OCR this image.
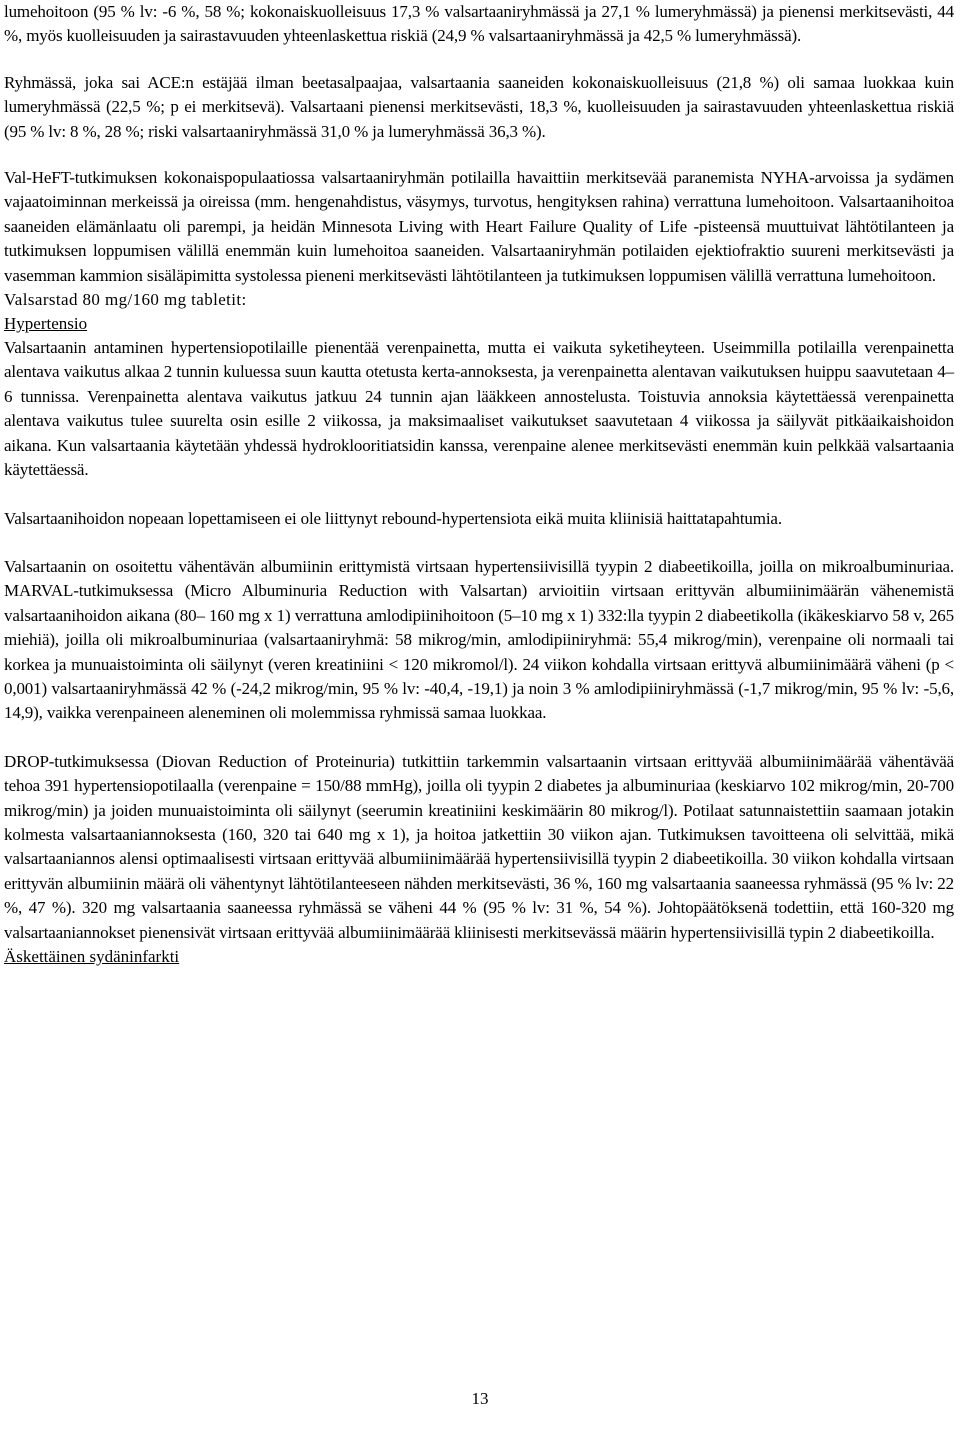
lumehoitoon (95 % lv: -6 %, 58 %; kokonaiskuolleisuus 17,3 % valsartaaniryhmässä ja 27,1 % lumeryhmässä) ja pienensi merkitsevästi, 44 %, myös kuolleisuuden ja sairastavuuden yhteenlaskettua riskiä (24,9 % valsartaaniryhmässä ja 42,5 % lumeryhmässä).

Ryhmässä, joka sai ACE:n estäjää ilman beetasalpaajaa, valsartaania saaneiden kokonaiskuolleisuus (21,8 %) oli samaa luokkaa kuin lumeryhmässä (22,5 %; p ei merkitsevä). Valsartaani pienensi merkitsevästi, 18,3 %, kuolleisuuden ja sairastavuuden yhteenlaskettua riskiä (95 % lv: 8 %, 28 %; riski valsartaaniryhmässä 31,0 % ja lumeryhmässä 36,3 %).

Val-HeFT-tutkimuksen kokonaispopulaatiossa valsartaaniryhmän potilailla havaittiin merkitsevää paranemista NYHA-arvoissa ja sydämen vajaatoiminnan merkeissä ja oireissa (mm. hengenahdistus, väsymys, turvotus, hengityksen rahina) verrattuna lumehoitoon. Valsartaanihoitoa saaneiden elämänlaatu oli parempi, ja heidän Minnesota Living with Heart Failure Quality of Life -pisteensä muuttuivat lähtötilanteen ja tutkimuksen loppumisen välillä enemmän kuin lumehoitoa saaneiden. Valsartaaniryhmän potilaiden ejektiofraktio suureni merkitsevästi ja vasemman kammion sisäläpimitta systolessa pieneni merkitsevästi lähtötilanteen ja tutkimuksen loppumisen välillä verrattuna lumehoitoon.

Valsarstad 80 mg/160 mg tabletit:

Hypertensio

Valsartaanin antaminen hypertensiopotilaille pienentää verenpainetta, mutta ei vaikuta syketiheyteen. Useimmilla potilailla verenpainetta alentava vaikutus alkaa 2 tunnin kuluessa suun kautta otetusta kerta-annoksesta, ja verenpainetta alentavan vaikutuksen huippu saavutetaan 4–6 tunnissa. Verenpainetta alentava vaikutus jatkuu 24 tunnin ajan lääkkeen annostelusta. Toistuvia annoksia käytettäessä verenpainetta alentava vaikutus tulee suurelta osin esille 2 viikossa, ja maksimaaliset vaikutukset saavutetaan 4 viikossa ja säilyvät pitkäaikaishoidon aikana. Kun valsartaania käytetään yhdessä hydroklooritiatsidin kanssa, verenpaine alenee merkitsevästi enemmän kuin pelkkää valsartaania käytettäessä.

Valsartaanihoidon nopeaan lopettamiseen ei ole liittynyt rebound-hypertensiota eikä muita kliinisiä haittatapahtumia.

Valsartaanin on osoitettu vähentävän albumiinin erittymistä virtsaan hypertensiivisillä tyypin 2 diabeetikoilla, joilla on mikroalbuminuriaa. MARVAL-tutkimuksessa (Micro Albuminuria Reduction with Valsartan) arvioitiin virtsaan erittyvän albumiinimäärän vähenemistä valsartaanihoidon aikana (80– 160 mg x 1) verrattuna amlodipiinihoitoon (5–10 mg x 1) 332:lla tyypin 2 diabeetikolla (ikäkeskiarvo 58 v, 265 miehiä), joilla oli mikroalbuminuriaa (valsartaaniryhmä: 58 mikrog/min, amlodipiiniryhmä: 55,4 mikrog/min), verenpaine oli normaali tai korkea ja munuaistoiminta oli säilynyt (veren kreatiniini < 120 mikromol/l). 24 viikon kohdalla virtsaan erittyvä albumiinimäärä väheni (p < 0,001) valsartaaniryhmässä 42 % (-24,2 mikrog/min, 95 % lv: -40,4, -19,1) ja noin 3 % amlodipiiniryhmässä (-1,7 mikrog/min, 95 % lv: -5,6, 14,9), vaikka verenpaineen aleneminen oli molemmissa ryhmissä samaa luokkaa.

DROP-tutkimuksessa (Diovan Reduction of Proteinuria) tutkittiin tarkemmin valsartaanin virtsaan erittyvää albumiinimäärää vähentävää tehoa 391 hypertensiopotilaalla (verenpaine = 150/88 mmHg), joilla oli tyypin 2 diabetes ja albuminuriaa (keskiarvo 102 mikrog/min, 20-700 mikrog/min) ja joiden munuaistoiminta oli säilynyt (seerumin kreatiniini keskimäärin 80 mikrog/l). Potilaat satunnaistettiin saamaan jotakin kolmesta valsartaaniannoksesta (160, 320 tai 640 mg x 1), ja hoitoa jatkettiin 30 viikon ajan. Tutkimuksen tavoitteena oli selvittää, mikä valsartaaniannos alensi optimaalisesti virtsaan erittyvää albumiinimäärää hypertensiivisillä tyypin 2 diabeetikoilla. 30 viikon kohdalla virtsaan erittyvän albumiinin määrä oli vähentynyt lähtötilanteeseen nähden merkitsevästi, 36 %, 160 mg valsartaania saaneessa ryhmässä (95 % lv: 22 %, 47 %). 320 mg valsartaania saaneessa ryhmässä se väheni 44 % (95 % lv: 31 %, 54 %). Johtopäätöksenä todettiin, että 160-320 mg valsartaaniannokset pienensivät virtsaan erittyvää albumiinimäärää kliinisesti merkitsevässä määrin hypertensiivisillä typin 2 diabeetikoilla.

Äskettäinen sydäninfarkti

13
